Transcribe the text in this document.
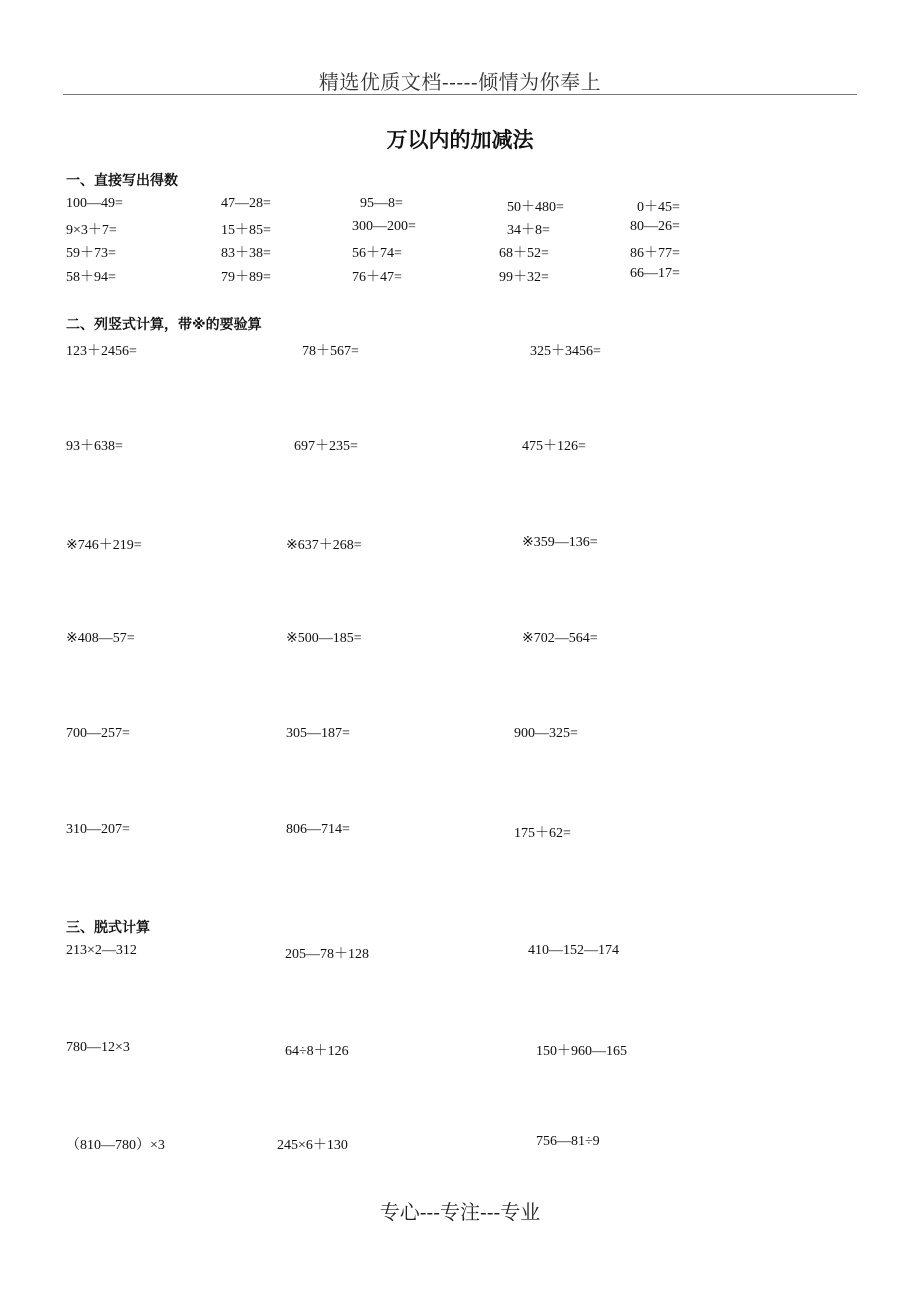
精选优质文档-----倾情为你奉上
万以内的加减法
一、直接写出得数
100—49=	47—28=	95—8=	50＋480=	0＋45=
9×3＋7=	15＋85=	300—200=	34＋8=	80—26=
59＋73=	83＋38=	56＋74=	68＋52=	86＋77=
58＋94=	79＋89=	76＋47=	99＋32=	66—17=
二、列竖式计算，带※的要验算
123＋2456=	78＋567=	325＋3456=
93＋638=	697＋235=	475＋126=
※746＋219=	※637＋268=	※359—136=
※408—57=	※500—185=	※702—564=
700—257=	305—187=	900—325=
310—207=	806—714=	175＋62=
三、脱式计算
213×2—312	205—78＋128	410—152—174
780—12×3	64÷8＋126	150＋960—165
（810—780）×3	245×6＋130	756—81÷9
专心---专注---专业
